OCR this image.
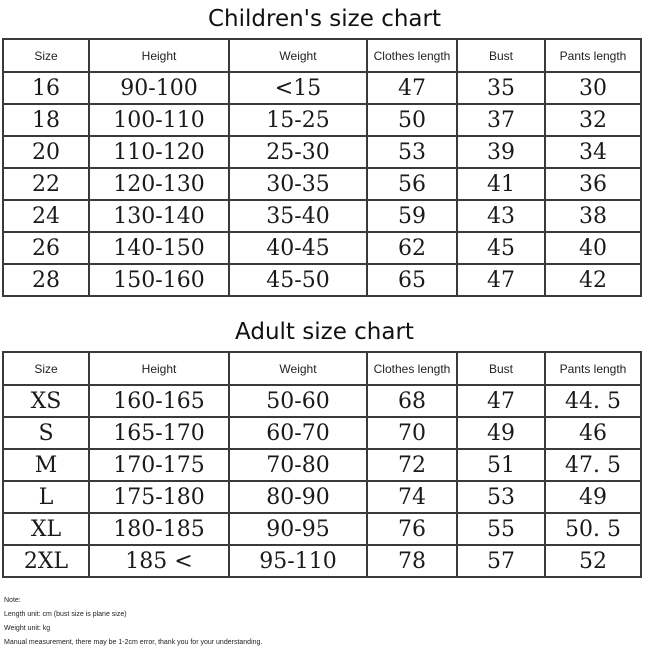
Children's size chart
Size	Height	Weight	Clothes length	Bust	Pants length
16	90-100	<15	47	35	30
18	100-110	15-25	50	37	32
20	110-120	25-30	53	39	34
22	120-130	30-35	56	41	36
24	130-140	35-40	59	43	38
26	140-150	40-45	62	45	40
28	150-160	45-50	65	47	42
Adult size chart
Size	Height	Weight	Clothes length	Bust	Pants length
XS	160-165	50-60	68	47	44. 5
S	165-170	60-70	70	49	46
M	170-175	70-80	72	51	47. 5
L	175-180	80-90	74	53	49
XL	180-185	90-95	76	55	50. 5
2XL	185 <	95-110	78	57	52
Note:
Length unit: cm (bust size is plane size)
Weight unit: kg
Manual measurement, there may be 1-2cm error, thank you for your understanding.
